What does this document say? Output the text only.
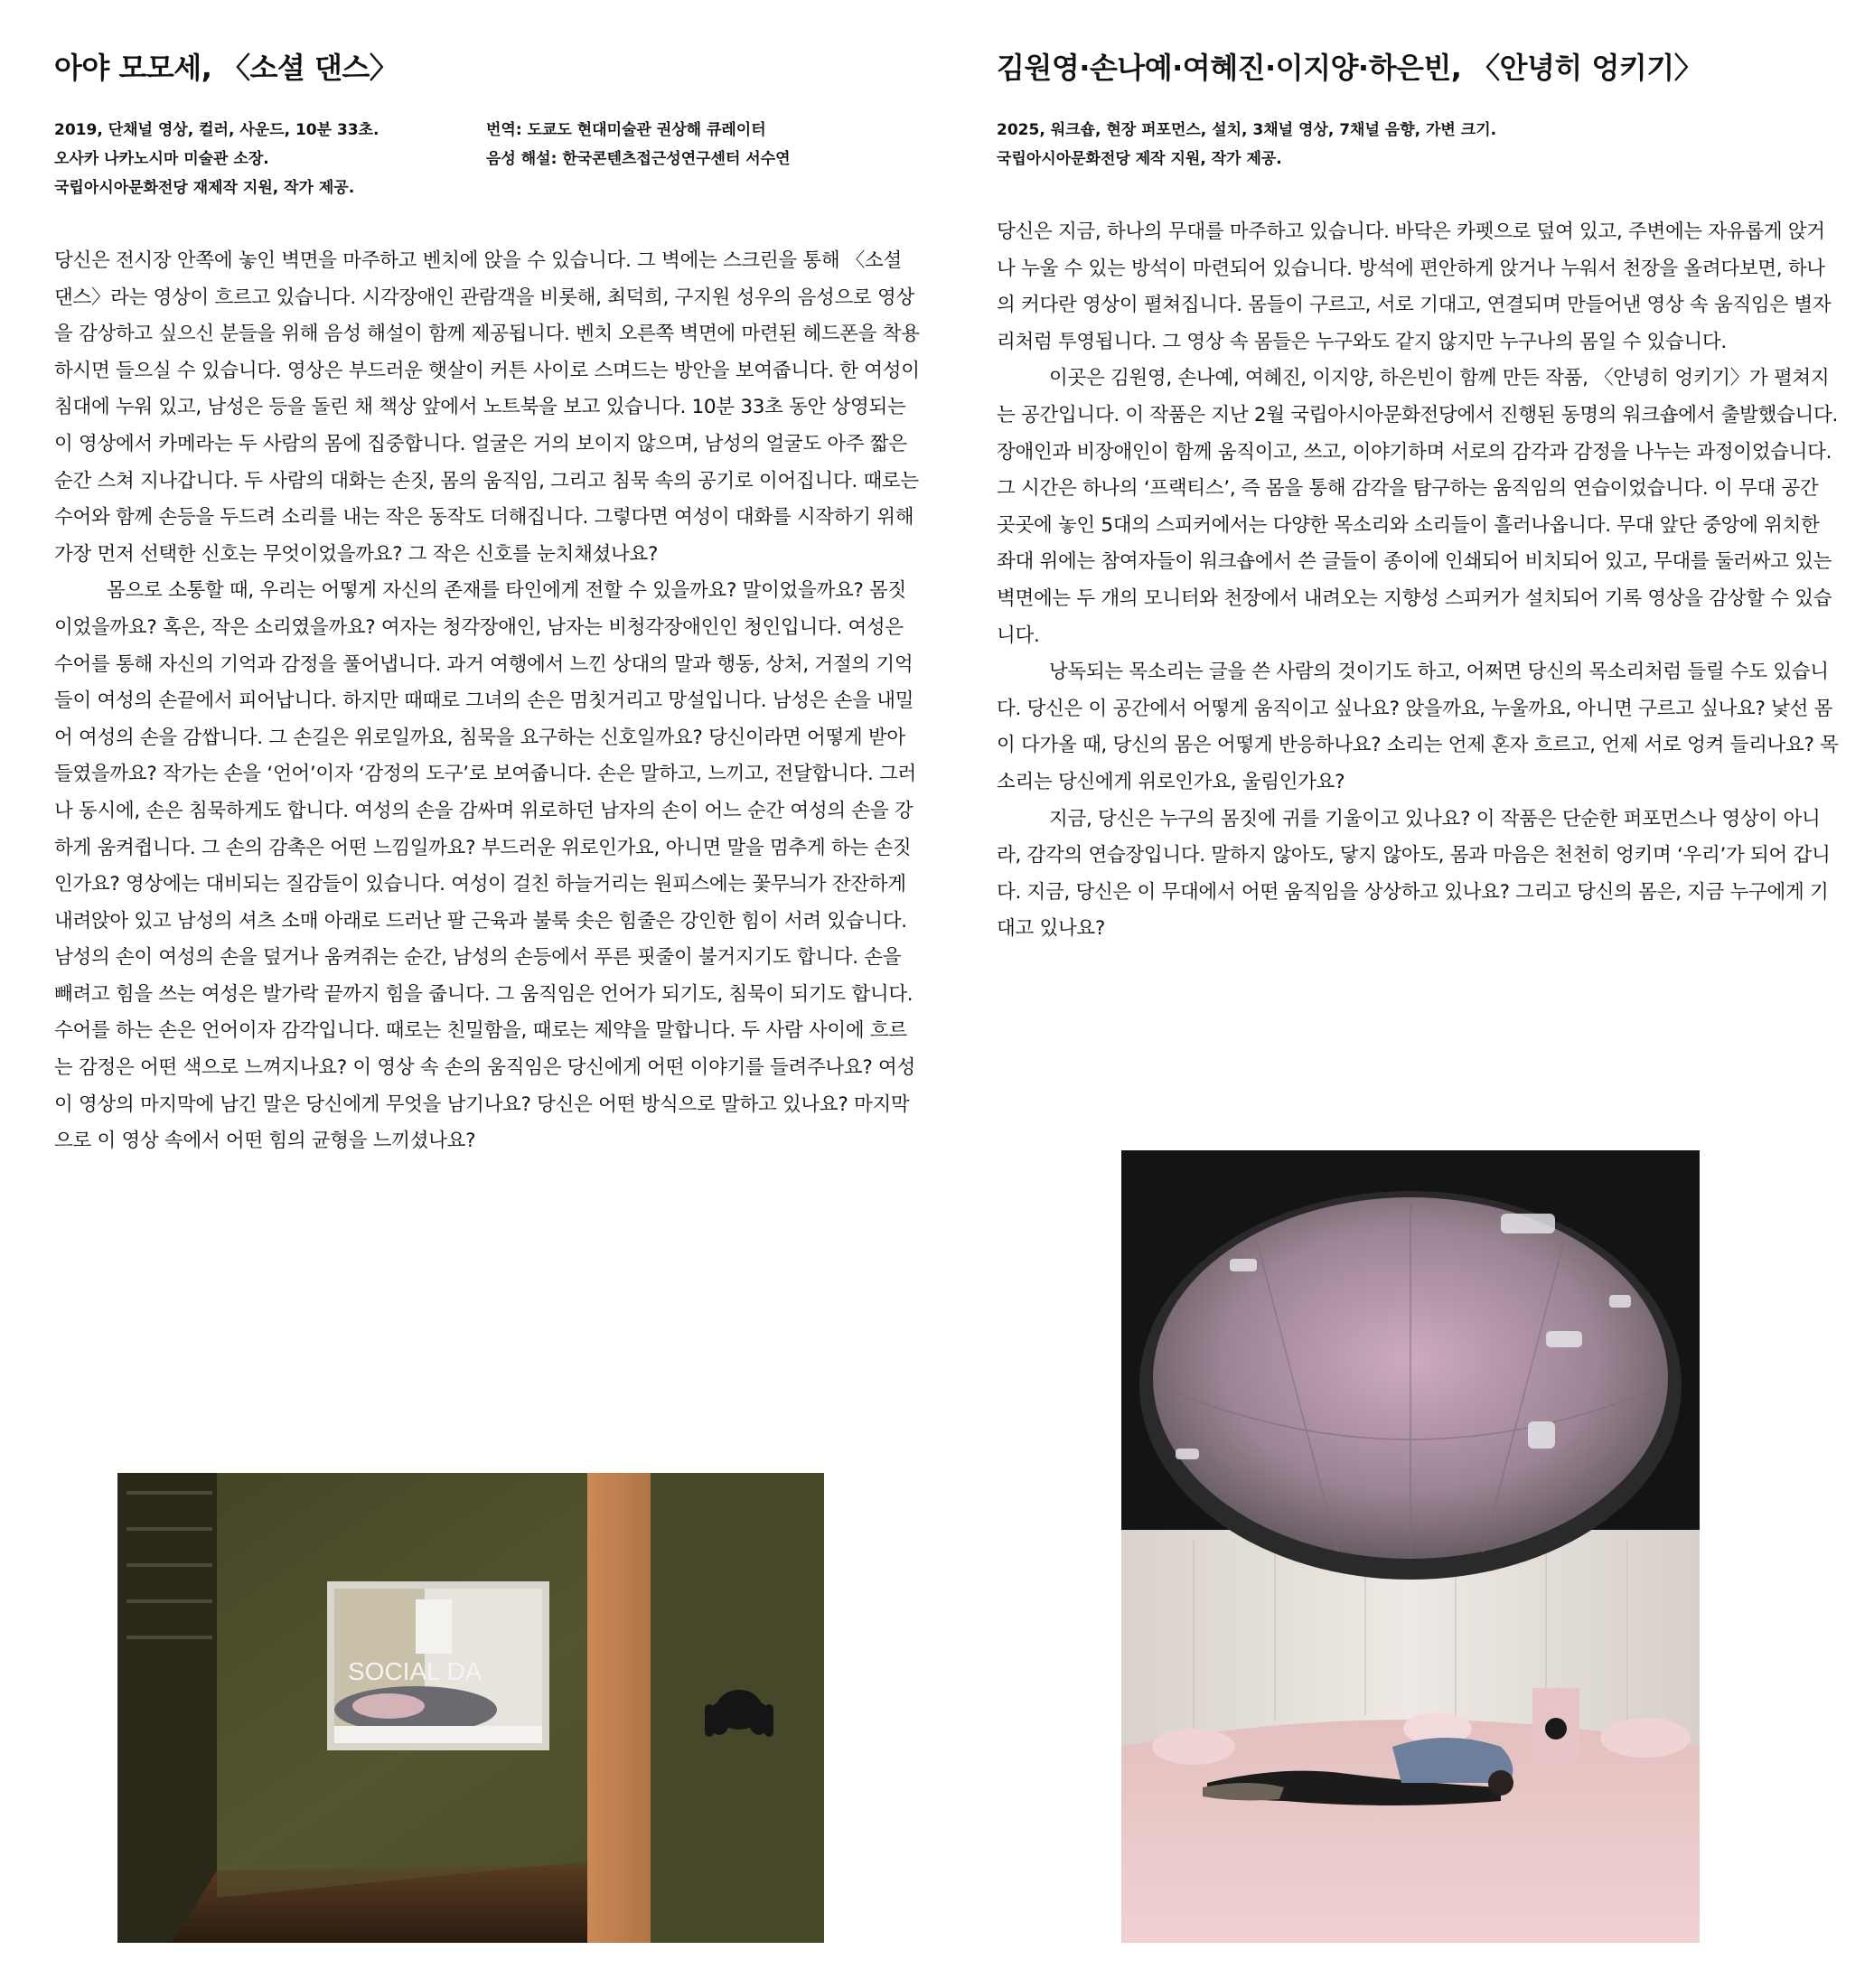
아야 모모세, 〈소셜 댄스〉
2019, 단채널 영상, 컬러, 사운드, 10분 33초.
오사카 나카노시마 미술관 소장.
국립아시아문화전당 재제작 지원, 작가 제공.
번역: 도쿄도 현대미술관 권상해 큐레이터
음성 해설: 한국콘텐츠접근성연구센터 서수연

당신은 전시장 안쪽에 놓인 벽면을 마주하고 벤치에 앉을 수 있습니다. 그 벽에는 스크린을 통해 〈소셜 댄스〉라는 영상이 흐르고 있습니다. 시각장애인 관람객을 비롯해, 최덕희, 구지원 성우의 음성으로 영상을 감상하고 싶으신 분들을 위해 음성 해설이 함께 제공됩니다. 벤치 오른쪽 벽면에 마련된 헤드폰을 착용하시면 들으실 수 있습니다. 영상은 부드러운 햇살이 커튼 사이로 스며드는 방안을 보여줍니다. 한 여성이 침대에 누워 있고, 남성은 등을 돌린 채 책상 앞에서 노트북을 보고 있습니다. 10분 33초 동안 상영되는 이 영상에서 카메라는 두 사람의 몸에 집중합니다. 얼굴은 거의 보이지 않으며, 남성의 얼굴도 아주 짧은 순간 스쳐 지나갑니다. 두 사람의 대화는 손짓, 몸의 움직임, 그리고 침묵 속의 공기로 이어집니다. 때로는 수어와 함께 손등을 두드려 소리를 내는 작은 동작도 더해집니다. 그렇다면 여성이 대화를 시작하기 위해 가장 먼저 선택한 신호는 무엇이었을까요? 그 작은 신호를 눈치채셨나요?

몸으로 소통할 때, 우리는 어떻게 자신의 존재를 타인에게 전할 수 있을까요? 말이었을까요? 몸짓이었을까요? 혹은, 작은 소리였을까요? 여자는 청각장애인, 남자는 비청각장애인인 청인입니다. 여성은 수어를 통해 자신의 기억과 감정을 풀어냅니다. 과거 여행에서 느낀 상대의 말과 행동, 상처, 거절의 기억들이 여성의 손끝에서 피어납니다. 하지만 때때로 그녀의 손은 멈칫거리고 망설입니다. 남성은 손을 내밀어 여성의 손을 감쌉니다. 그 손길은 위로일까요, 침묵을 요구하는 신호일까요? 당신이라면 어떻게 받아들였을까요? 작가는 손을 ‘언어’이자 ‘감정의 도구’로 보여줍니다. 손은 말하고, 느끼고, 전달합니다. 그러나 동시에, 손은 침묵하게도 합니다. 여성의 손을 감싸며 위로하던 남자의 손이 어느 순간 여성의 손을 강하게 움켜쥡니다. 그 손의 감촉은 어떤 느낌일까요? 부드러운 위로인가요, 아니면 말을 멈추게 하는 손짓인가요? 영상에는 대비되는 질감들이 있습니다. 여성이 걸친 하늘거리는 원피스에는 꽃무늬가 잔잔하게 내려앉아 있고 남성의 셔츠 소매 아래로 드러난 팔 근육과 불룩 솟은 힘줄은 강인한 힘이 서려 있습니다. 남성의 손이 여성의 손을 덮거나 움켜쥐는 순간, 남성의 손등에서 푸른 핏줄이 불거지기도 합니다. 손을 빼려고 힘을 쓰는 여성은 발가락 끝까지 힘을 줍니다. 그 움직임은 언어가 되기도, 침묵이 되기도 합니다. 수어를 하는 손은 언어이자 감각입니다. 때로는 친밀함을, 때로는 제약을 말합니다. 두 사람 사이에 흐르는 감정은 어떤 색으로 느껴지나요? 이 영상 속 손의 움직임은 당신에게 어떤 이야기를 들려주나요? 여성이 영상의 마지막에 남긴 말은 당신에게 무엇을 남기나요? 당신은 어떤 방식으로 말하고 있나요? 마지막으로 이 영상 속에서 어떤 힘의 균형을 느끼셨나요?

김원영·손나예·여혜진·이지양·하은빈, 〈안녕히 엉키기〉
2025, 워크숍, 현장 퍼포먼스, 설치, 3채널 영상, 7채널 음향, 가변 크기.
국립아시아문화전당 제작 지원, 작가 제공.

당신은 지금, 하나의 무대를 마주하고 있습니다. 바닥은 카펫으로 덮여 있고, 주변에는 자유롭게 앉거나 누울 수 있는 방석이 마련되어 있습니다. 방석에 편안하게 앉거나 누워서 천장을 올려다보면, 하나의 커다란 영상이 펼쳐집니다. 몸들이 구르고, 서로 기대고, 연결되며 만들어낸 영상 속 움직임은 별자리처럼 투영됩니다. 그 영상 속 몸들은 누구와도 같지 않지만 누구나의 몸일 수 있습니다.

이곳은 김원영, 손나예, 여혜진, 이지양, 하은빈이 함께 만든 작품, 〈안녕히 엉키기〉가 펼쳐지는 공간입니다. 이 작품은 지난 2월 국립아시아문화전당에서 진행된 동명의 워크숍에서 출발했습니다. 장애인과 비장애인이 함께 움직이고, 쓰고, 이야기하며 서로의 감각과 감정을 나누는 과정이었습니다. 그 시간은 하나의 ‘프랙티스’, 즉 몸을 통해 감각을 탐구하는 움직임의 연습이었습니다. 이 무대 공간 곳곳에 놓인 5대의 스피커에서는 다양한 목소리와 소리들이 흘러나옵니다. 무대 앞단 중앙에 위치한 좌대 위에는 참여자들이 워크숍에서 쓴 글들이 종이에 인쇄되어 비치되어 있고, 무대를 둘러싸고 있는 벽면에는 두 개의 모니터와 천장에서 내려오는 지향성 스피커가 설치되어 기록 영상을 감상할 수 있습니다.

낭독되는 목소리는 글을 쓴 사람의 것이기도 하고, 어쩌면 당신의 목소리처럼 들릴 수도 있습니다. 당신은 이 공간에서 어떻게 움직이고 싶나요? 앉을까요, 누울까요, 아니면 구르고 싶나요? 낯선 몸이 다가올 때, 당신의 몸은 어떻게 반응하나요? 소리는 언제 혼자 흐르고, 언제 서로 엉켜 들리나요? 목소리는 당신에게 위로인가요, 울림인가요?

지금, 당신은 누구의 몸짓에 귀를 기울이고 있나요? 이 작품은 단순한 퍼포먼스나 영상이 아니라, 감각의 연습장입니다. 말하지 않아도, 닿지 않아도, 몸과 마음은 천천히 엉키며 ‘우리’가 되어 갑니다. 지금, 당신은 이 무대에서 어떤 움직임을 상상하고 있나요? 그리고 당신의 몸은, 지금 누구에게 기대고 있나요?

SOCIAL DA
